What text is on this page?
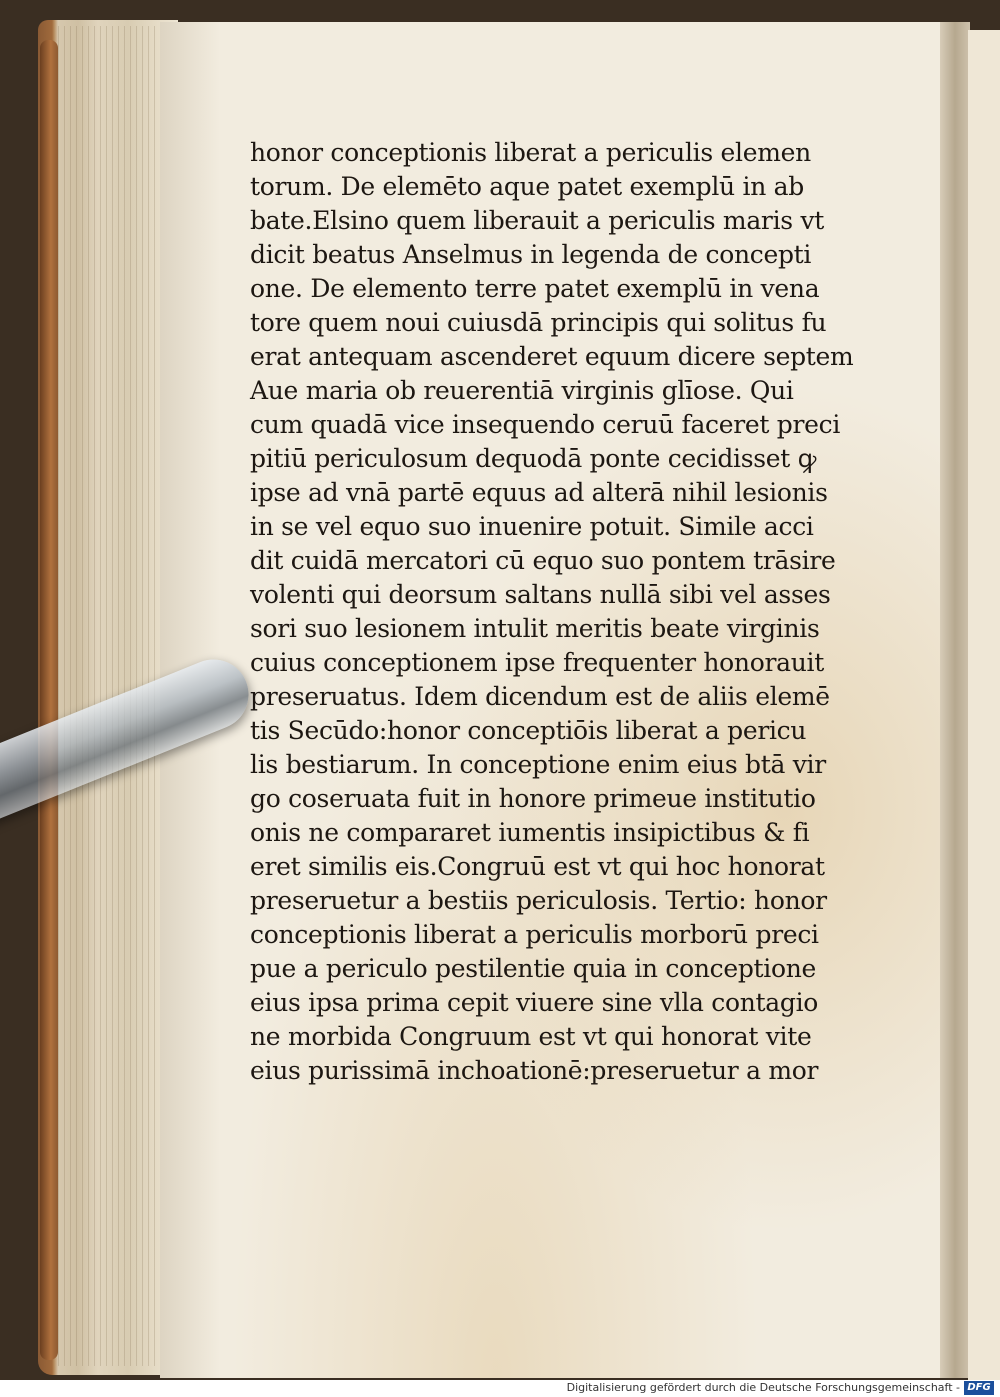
honor conceptionis liberat a periculis elemen
torum. De elemēto aque patet exemplū in ab
bate.Elsino quem liberauit a periculis maris vt
dicit beatus Anselmus in legenda de concepti
one. De elemento terre patet exemplū in vena
tore quem noui cuiusdā principis qui solitus fu
erat antequam ascenderet equum dicere septem
Aue maria ob reuerentiā virginis glīose. Qui
cum quadā vice insequendo ceruū faceret preci
pitiū periculosum dequodā ponte cecidisset ꝙ
ipse ad vnā partē equus ad alterā nihil lesionis
in se vel equo suo inuenire potuit. Simile acci
dit cuidā mercatori cū equo suo pontem trāsire
volenti qui deorsum saltans nullā sibi vel asses
sori suo lesionem intulit meritis beate virginis
cuius conceptionem ipse frequenter honorauit
preseruatus. Idem dicendum est de aliis elemē
tis Secūdo:honor conceptiōis liberat a pericu
lis bestiarum. In conceptione enim eius btā vir
go coseruata fuit in honore primeue institutio
onis ne compararet iumentis insipictibus & fi
eret similis eis.Congruū est vt qui hoc honorat
preseruetur a bestiis periculosis. Tertio: honor
conceptionis liberat a periculis morborū preci
pue a periculo pestilentie quia in conceptione
eius ipsa prima cepit viuere sine vlla contagio
ne morbida Congruum est vt qui honorat vite
eius purissimā inchoationē:preseruetur a mor
Digitalisierung gefördert durch die Deutsche Forschungsgemeinschaft - DFG
